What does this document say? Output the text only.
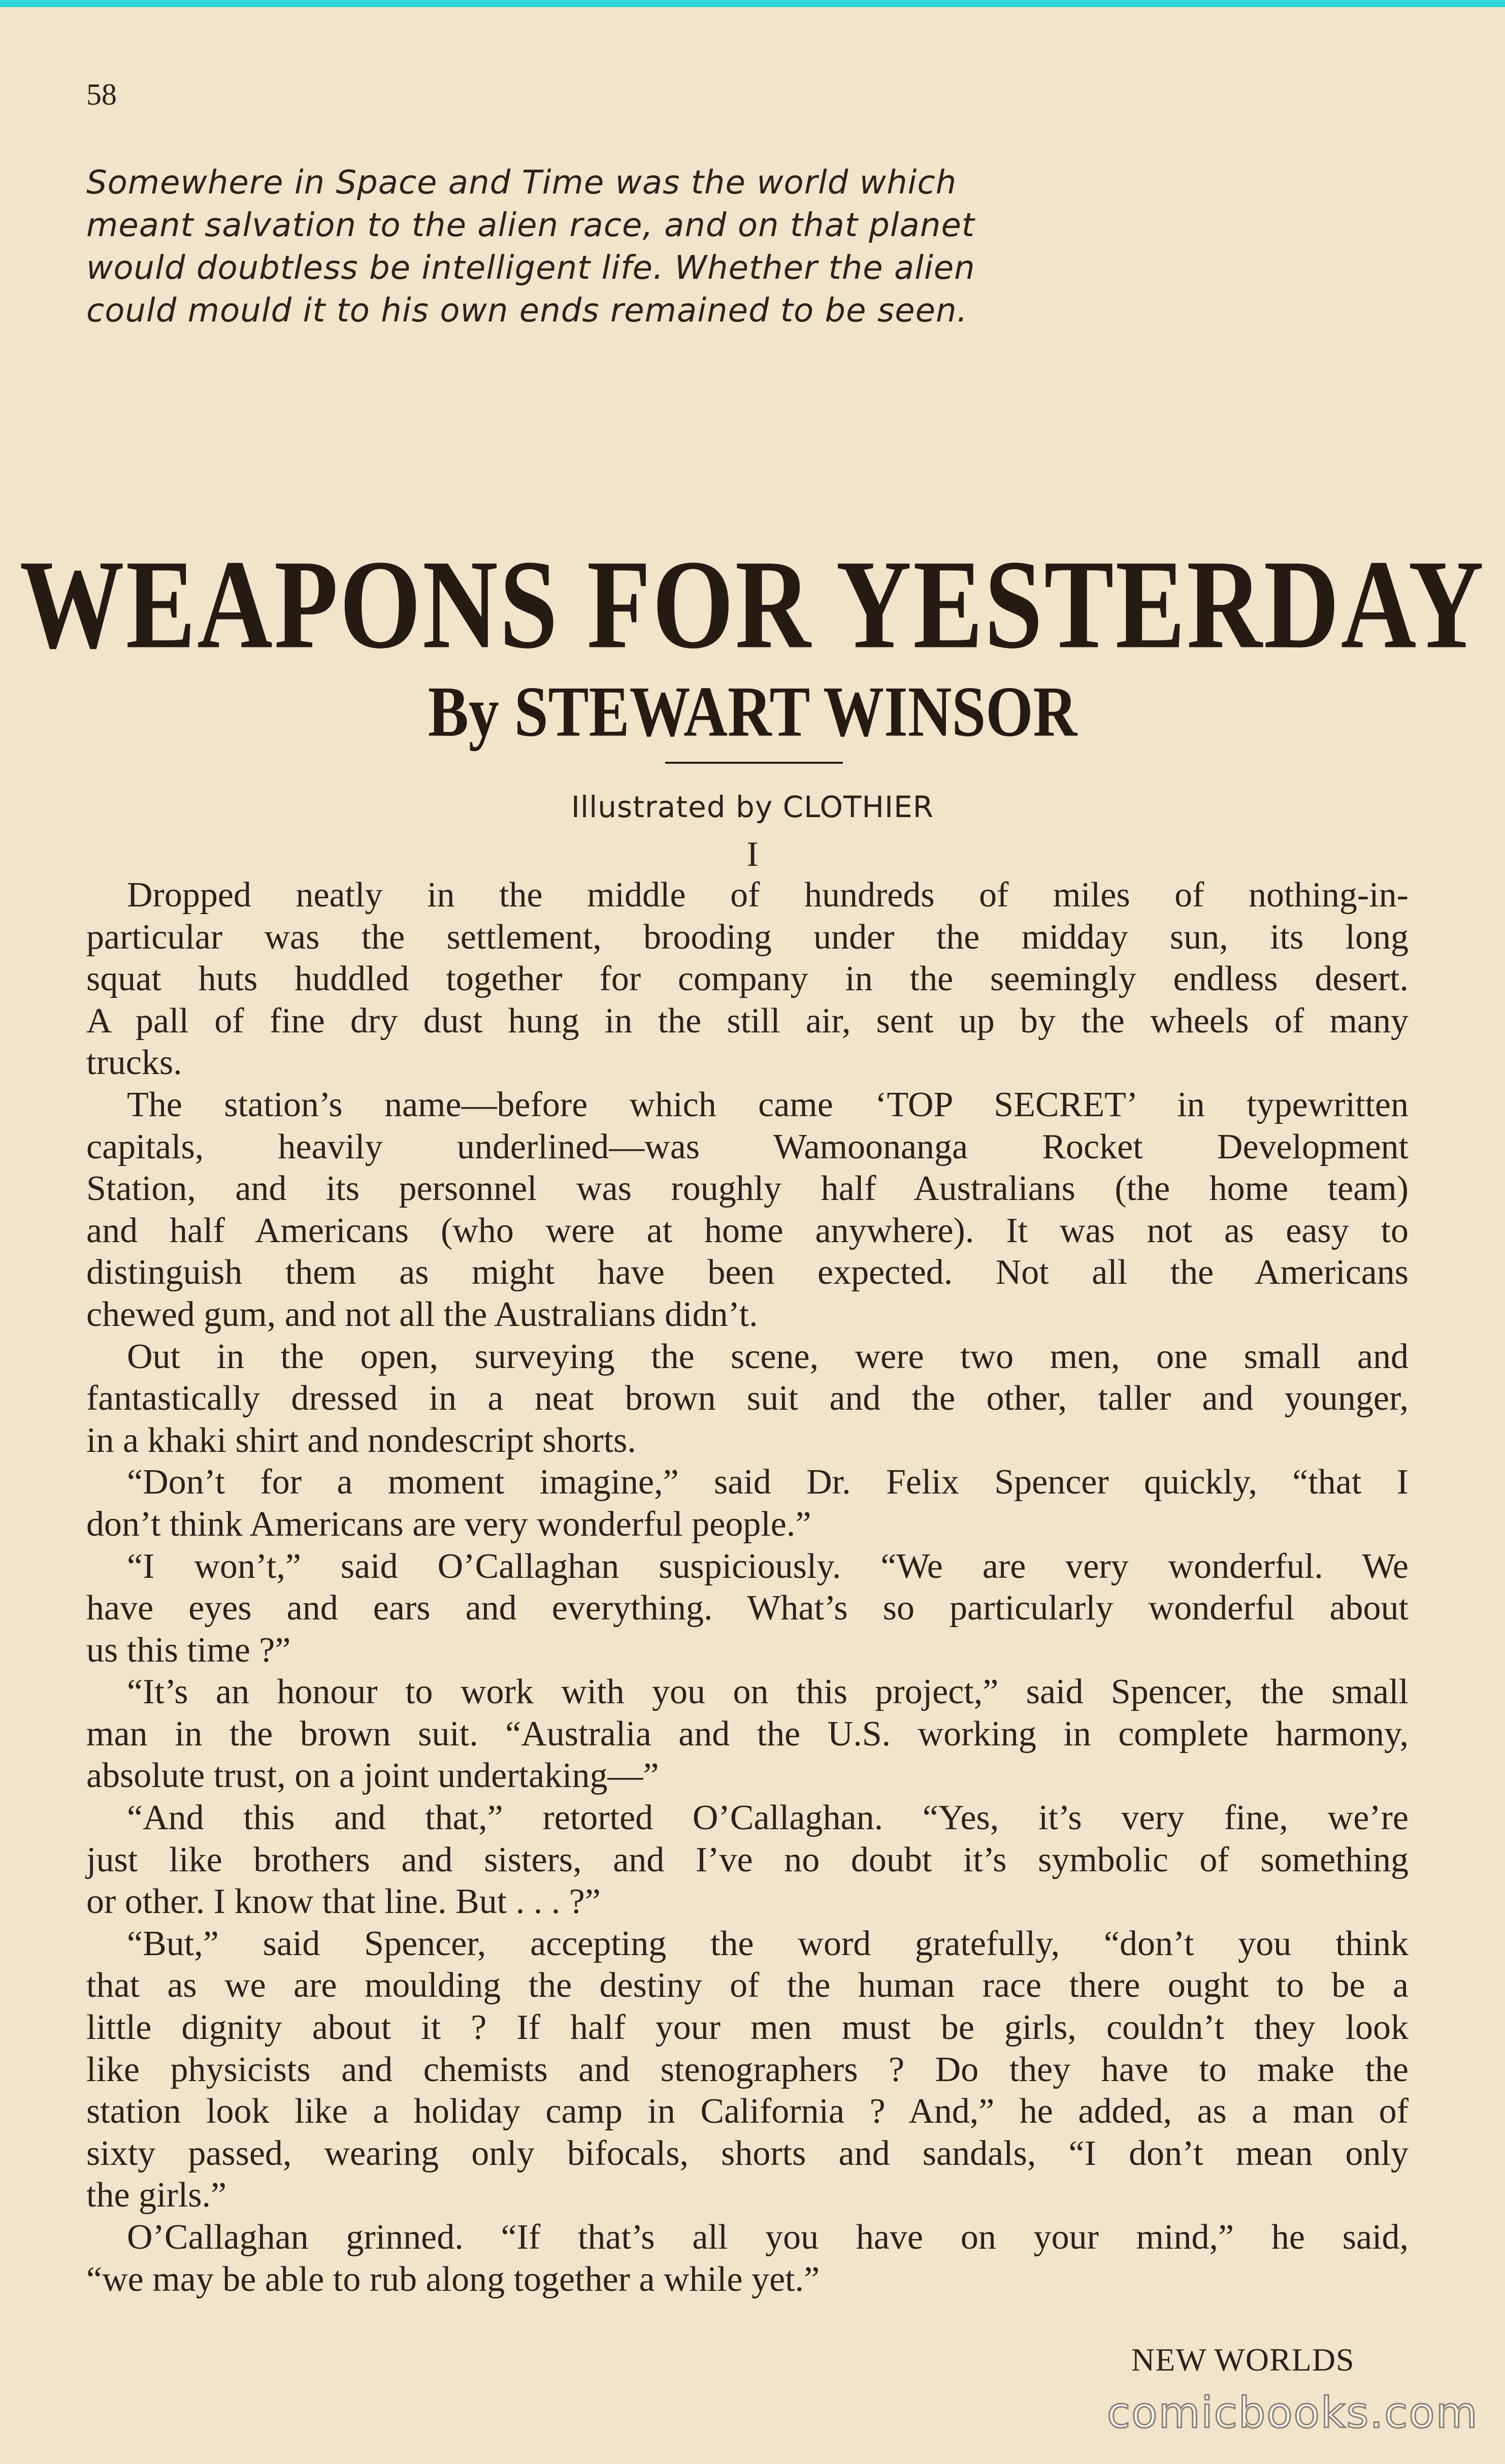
58
Somewhere in Space and Time was the world which
meant salvation to the alien race, and on that planet
would doubtless be intelligent life. Whether the alien
could mould it to his own ends remained to be seen.
WEAPONS FOR YESTERDAY
By STEWART WINSOR
Illustrated by CLOTHIER
I
Dropped neatly in the middle of hundreds of miles of nothing-in-
particular was the settlement, brooding under the midday sun, its long
squat huts huddled together for company in the seemingly endless desert.
A pall of fine dry dust hung in the still air, sent up by the wheels of many
trucks.
The station’s name—before which came ‘TOP SECRET’ in typewritten
capitals, heavily underlined—was Wamoonanga Rocket Development
Station, and its personnel was roughly half Australians (the home team)
and half Americans (who were at home anywhere). It was not as easy to
distinguish them as might have been expected. Not all the Americans
chewed gum, and not all the Australians didn’t.
Out in the open, surveying the scene, were two men, one small and
fantastically dressed in a neat brown suit and the other, taller and younger,
in a khaki shirt and nondescript shorts.
“Don’t for a moment imagine,” said Dr. Felix Spencer quickly, “that I
don’t think Americans are very wonderful people.”
“I won’t,” said O’Callaghan suspiciously. “We are very wonderful. We
have eyes and ears and everything. What’s so particularly wonderful about
us this time ?”
“It’s an honour to work with you on this project,” said Spencer, the small
man in the brown suit. “Australia and the U.S. working in complete harmony,
absolute trust, on a joint undertaking—”
“And this and that,” retorted O’Callaghan. “Yes, it’s very fine, we’re
just like brothers and sisters, and I’ve no doubt it’s symbolic of something
or other. I know that line. But . . . ?”
“But,” said Spencer, accepting the word gratefully, “don’t you think
that as we are moulding the destiny of the human race there ought to be a
little dignity about it ? If half your men must be girls, couldn’t they look
like physicists and chemists and stenographers ? Do they have to make the
station look like a holiday camp in California ? And,” he added, as a man of
sixty passed, wearing only bifocals, shorts and sandals, “I don’t mean only
the girls.”
O’Callaghan grinned. “If that’s all you have on your mind,” he said,
“we may be able to rub along together a while yet.”
NEW WORLDS
comicbooks.com
